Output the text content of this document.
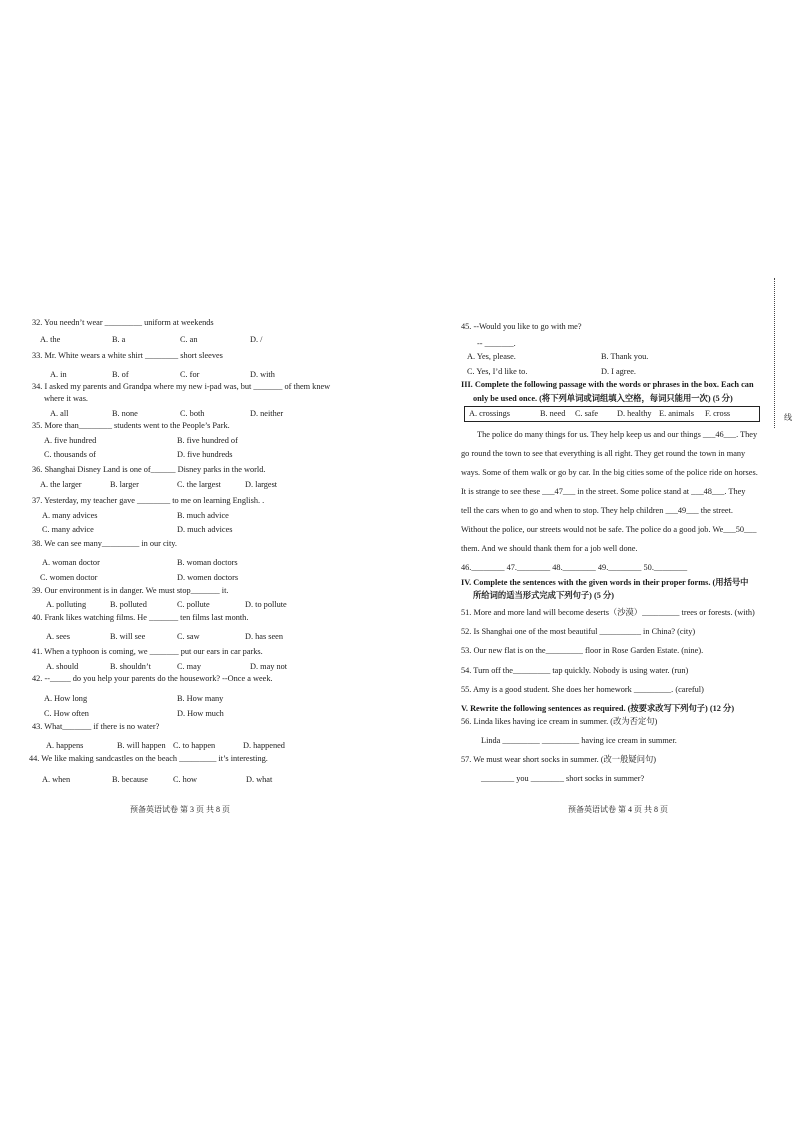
32. You needn’t wear _________ uniform at weekends
A. the	B. a	C. an	D. /
33. Mr. White wears a white shirt ________ short sleeves
A. in	B. of	C. for	D. with
34. I asked my parents and Grandpa where my new i-pad was, but _______ of them knew
where it was.
A. all	B. none	C. both	D. neither
35. More than________ students went to the People’s Park.
A. five hundred	B. five hundred of
C. thousands of	D. five hundreds
36. Shanghai Disney Land is one of______ Disney parks in the world.
A. the larger	B. larger	C. the largest	D. largest
37. Yesterday, my teacher gave ________ to me on learning English. .
A. many advices	B. much advice
C. many advice	D. much advices
38. We can see many_________ in our city.
A. woman doctor	B. woman doctors
C. women doctor	D. women doctors
39. Our environment is in danger. We must stop_______ it.
A. polluting	B. polluted	C. pollute	D. to pollute
40. Frank likes watching films. He _______ ten films last month.
A. sees	B. will see	C. saw	D. has seen
41. When a typhoon is coming, we _______ put our ears in car parks.
A. should	B. shouldn’t	C. may	D. may not
42. --_____ do you help your parents do the housework? --Once a week.
A. How long	B. How many
C. How often	D. How much
43. What_______ if there is no water?
A. happens	B. will happen C. to happen	D. happened
44. We like making sandcastles on the beach _________ it’s interesting.
A. when	B. because	C. how	D. what
预备英语试卷 第 3 页 共 8 页
45. --Would you like to go with me?
-- _______.
A. Yes, please.	B. Thank you.
C. Yes, I’d like to.	D. I agree.
III. Complete the following passage with the words or phrases in the box. Each can
only be used once. (将下列单词或词组填入空格，每词只能用一次) (5 分)
A. crossings	B. need C. safe D. healthy E. animals F. cross
The police do many things for us. They help keep us and our things ___46___. They
go round the town to see that everything is all right. They get round the town in many
ways. Some of them walk or go by car. In the big cities some of the police ride on horses.
It is strange to see these ___47___ in the street. Some police stand at ___48___. They
tell the cars when to go and when to stop. They help children ___49___ the street.
Without the police, our streets would not be safe. The police do a good job. We___50___
them. And we should thank them for a job well done.
46.________ 47.________ 48.________ 49.________ 50.________
IV. Complete the sentences with the given words in their proper forms. (用括号中
所给词的适当形式完成下列句子) (5 分)
51. More and more land will become deserts（沙漠）_________ trees or forests. (with)
52. Is Shanghai one of the most beautiful __________ in China? (city)
53. Our new flat is on the_________ floor in Rose Garden Estate. (nine).
54. Turn off the_________ tap quickly. Nobody is using water. (run)
55. Amy is a good student. She does her homework _________. (careful)
V. Rewrite the following sentences as required. (按要求改写下列句子) (12 分)
56. Linda likes having ice cream in summer. (改为否定句)
Linda _________ _________ having ice cream in summer.
57. We must wear short socks in summer. (改一般疑问句)
________ you ________ short socks in summer?
预备英语试卷 第 4 页 共 8 页
线
